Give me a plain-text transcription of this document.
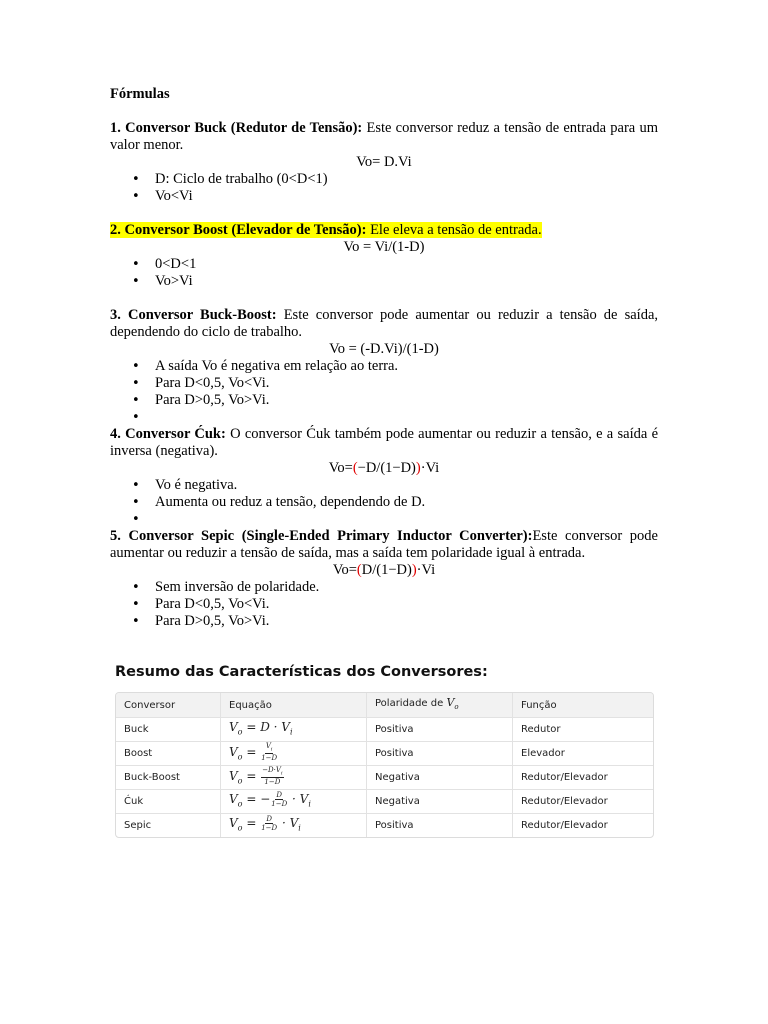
Fórmulas

1. Conversor Buck (Redutor de Tensão): Este conversor reduz a tensão de entrada para um valor menor.

Vo= D.Vi

• D: Ciclo de trabalho (0<D<1)
• Vo<Vi

2. Conversor Boost (Elevador de Tensão): Ele eleva a tensão de entrada.

Vo = Vi/(1-D)

• 0<D<1
• Vo>Vi

3. Conversor Buck-Boost: Este conversor pode aumentar ou reduzir a tensão de saída, dependendo do ciclo de trabalho.

Vo = (-D.Vi)/(1-D)

• A saída Vo é negativa em relação ao terra.
• Para D<0,5, Vo<Vi.
• Para D>0,5, Vo>Vi.
•

4. Conversor Ćuk: O conversor Ćuk também pode aumentar ou reduzir a tensão, e a saída é inversa (negativa).

Vo=(−D/(1−D))·Vi

• Vo é negativa.
• Aumenta ou reduz a tensão, dependendo de D.
•

5. Conversor Sepic (Single-Ended Primary Inductor Converter):Este conversor pode aumentar ou reduzir a tensão de saída, mas a saída tem polaridade igual à entrada.

Vo=(D/(1−D))·Vi

• Sem inversão de polaridade.
• Para D<0,5, Vo<Vi.
• Para D>0,5, Vo>Vi.

Resumo das Características dos Conversores:

Conversor	Equação	Polaridade de $V_o$	Função
Buck	$V_o = D \cdot V_i$	Positiva	Redutor
Boost	$V_o = \frac{V_i}{1-D}$	Positiva	Elevador
Buck-Boost	$V_o = \frac{-D\cdot V_i}{1-D}$	Negativa	Redutor/Elevador
Ćuk	$V_o$ = − $\frac{D}{1-D} \cdot V_i$	Negativa	Redutor/Elevador
Sepic	$V_o = \frac{D}{1-D} \cdot V_i$	Positiva	Redutor/Elevador
